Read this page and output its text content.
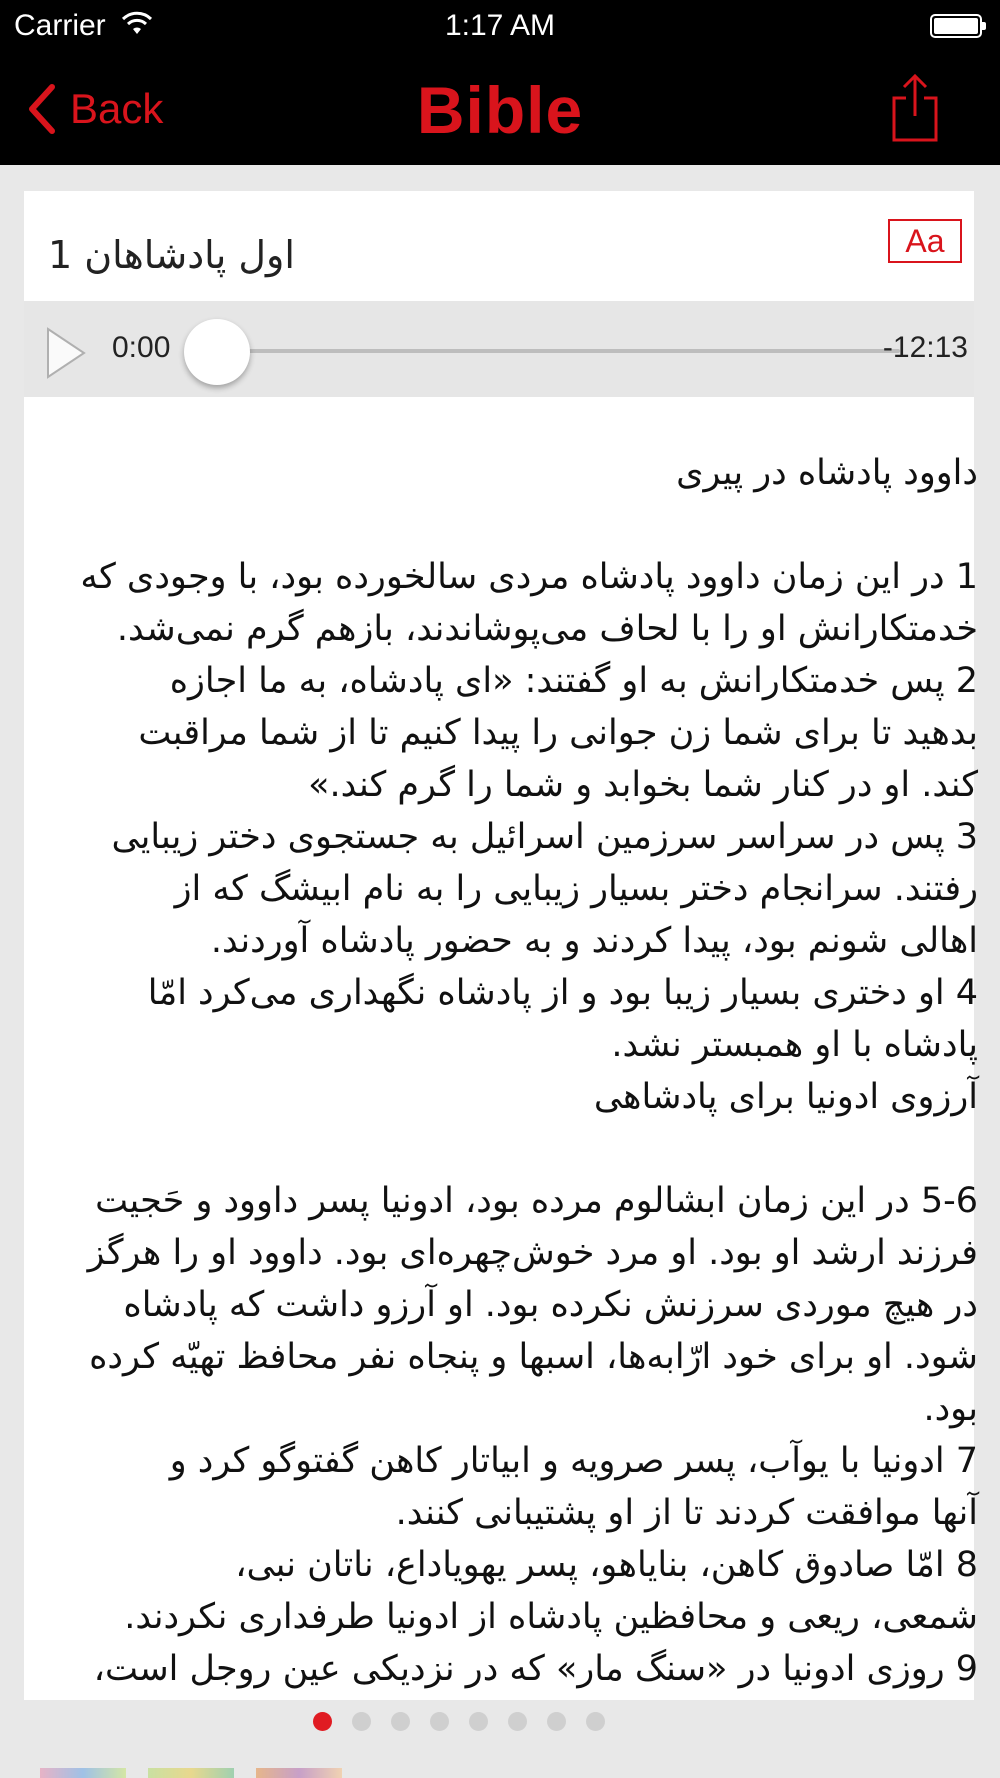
Carrier	1:17 AM
Back	Bible
اول پادشاهان 1	Aa
0:00	-12:13
داوود پادشاه در پیری
1 در این زمان داوود پادشاه مردی سالخورده بود، با وجودی که
خدمتکارانش او را با لحاف می‌پوشاندند، بازهم گرم نمی‌شد.
2 پس خدمتکارانش به او گفتند: «ای پادشاه، به ما اجازه
بدهید تا برای شما زن جوانی را پیدا کنیم تا از شما مراقبت
کند. او در کنار شما بخوابد و شما را گرم کند.»
3 پس در سراسر سرزمین اسرائیل به جستجوی دختر زیبایی
رفتند. سرانجام دختر بسیار زیبایی را به نام ابیشگ که از
اهالی شونم بود، پیدا کردند و به حضور پادشاه آوردند.
4 او دختری بسیار زیبا بود و از پادشاه نگهداری می‌کرد امّا
پادشاه با او همبستر نشد.
آرزوی ادونیا برای پادشاهی
5-6 در این زمان ابشالوم مرده بود، ادونیا پسر داوود و حَجیت
فرزند ارشد او بود. او مرد خوش‌چهره‌ای بود. داوود او را هرگز
در هیچ موردی سرزنش نکرده بود. او آرزو داشت که پادشاه
شود. او برای خود ارّابه‌ها، اسبها و پنجاه نفر محافظ تهیّه کرده
بود.
7 ادونیا با یوآب، پسر صرویه و ابیاتار کاهن گفتوگو کرد و
آنها موافقت کردند تا از او پشتیبانی کنند.
8 امّا صادوق کاهن، بنایاهو، پسر یهویاداع، ناتان نبی،
شمعی، ریعی و محافظین پادشاه از ادونیا طرفداری نکردند.
9 روزی ادونیا در «سنگ مار» که در نزدیکی عین روجل است،
